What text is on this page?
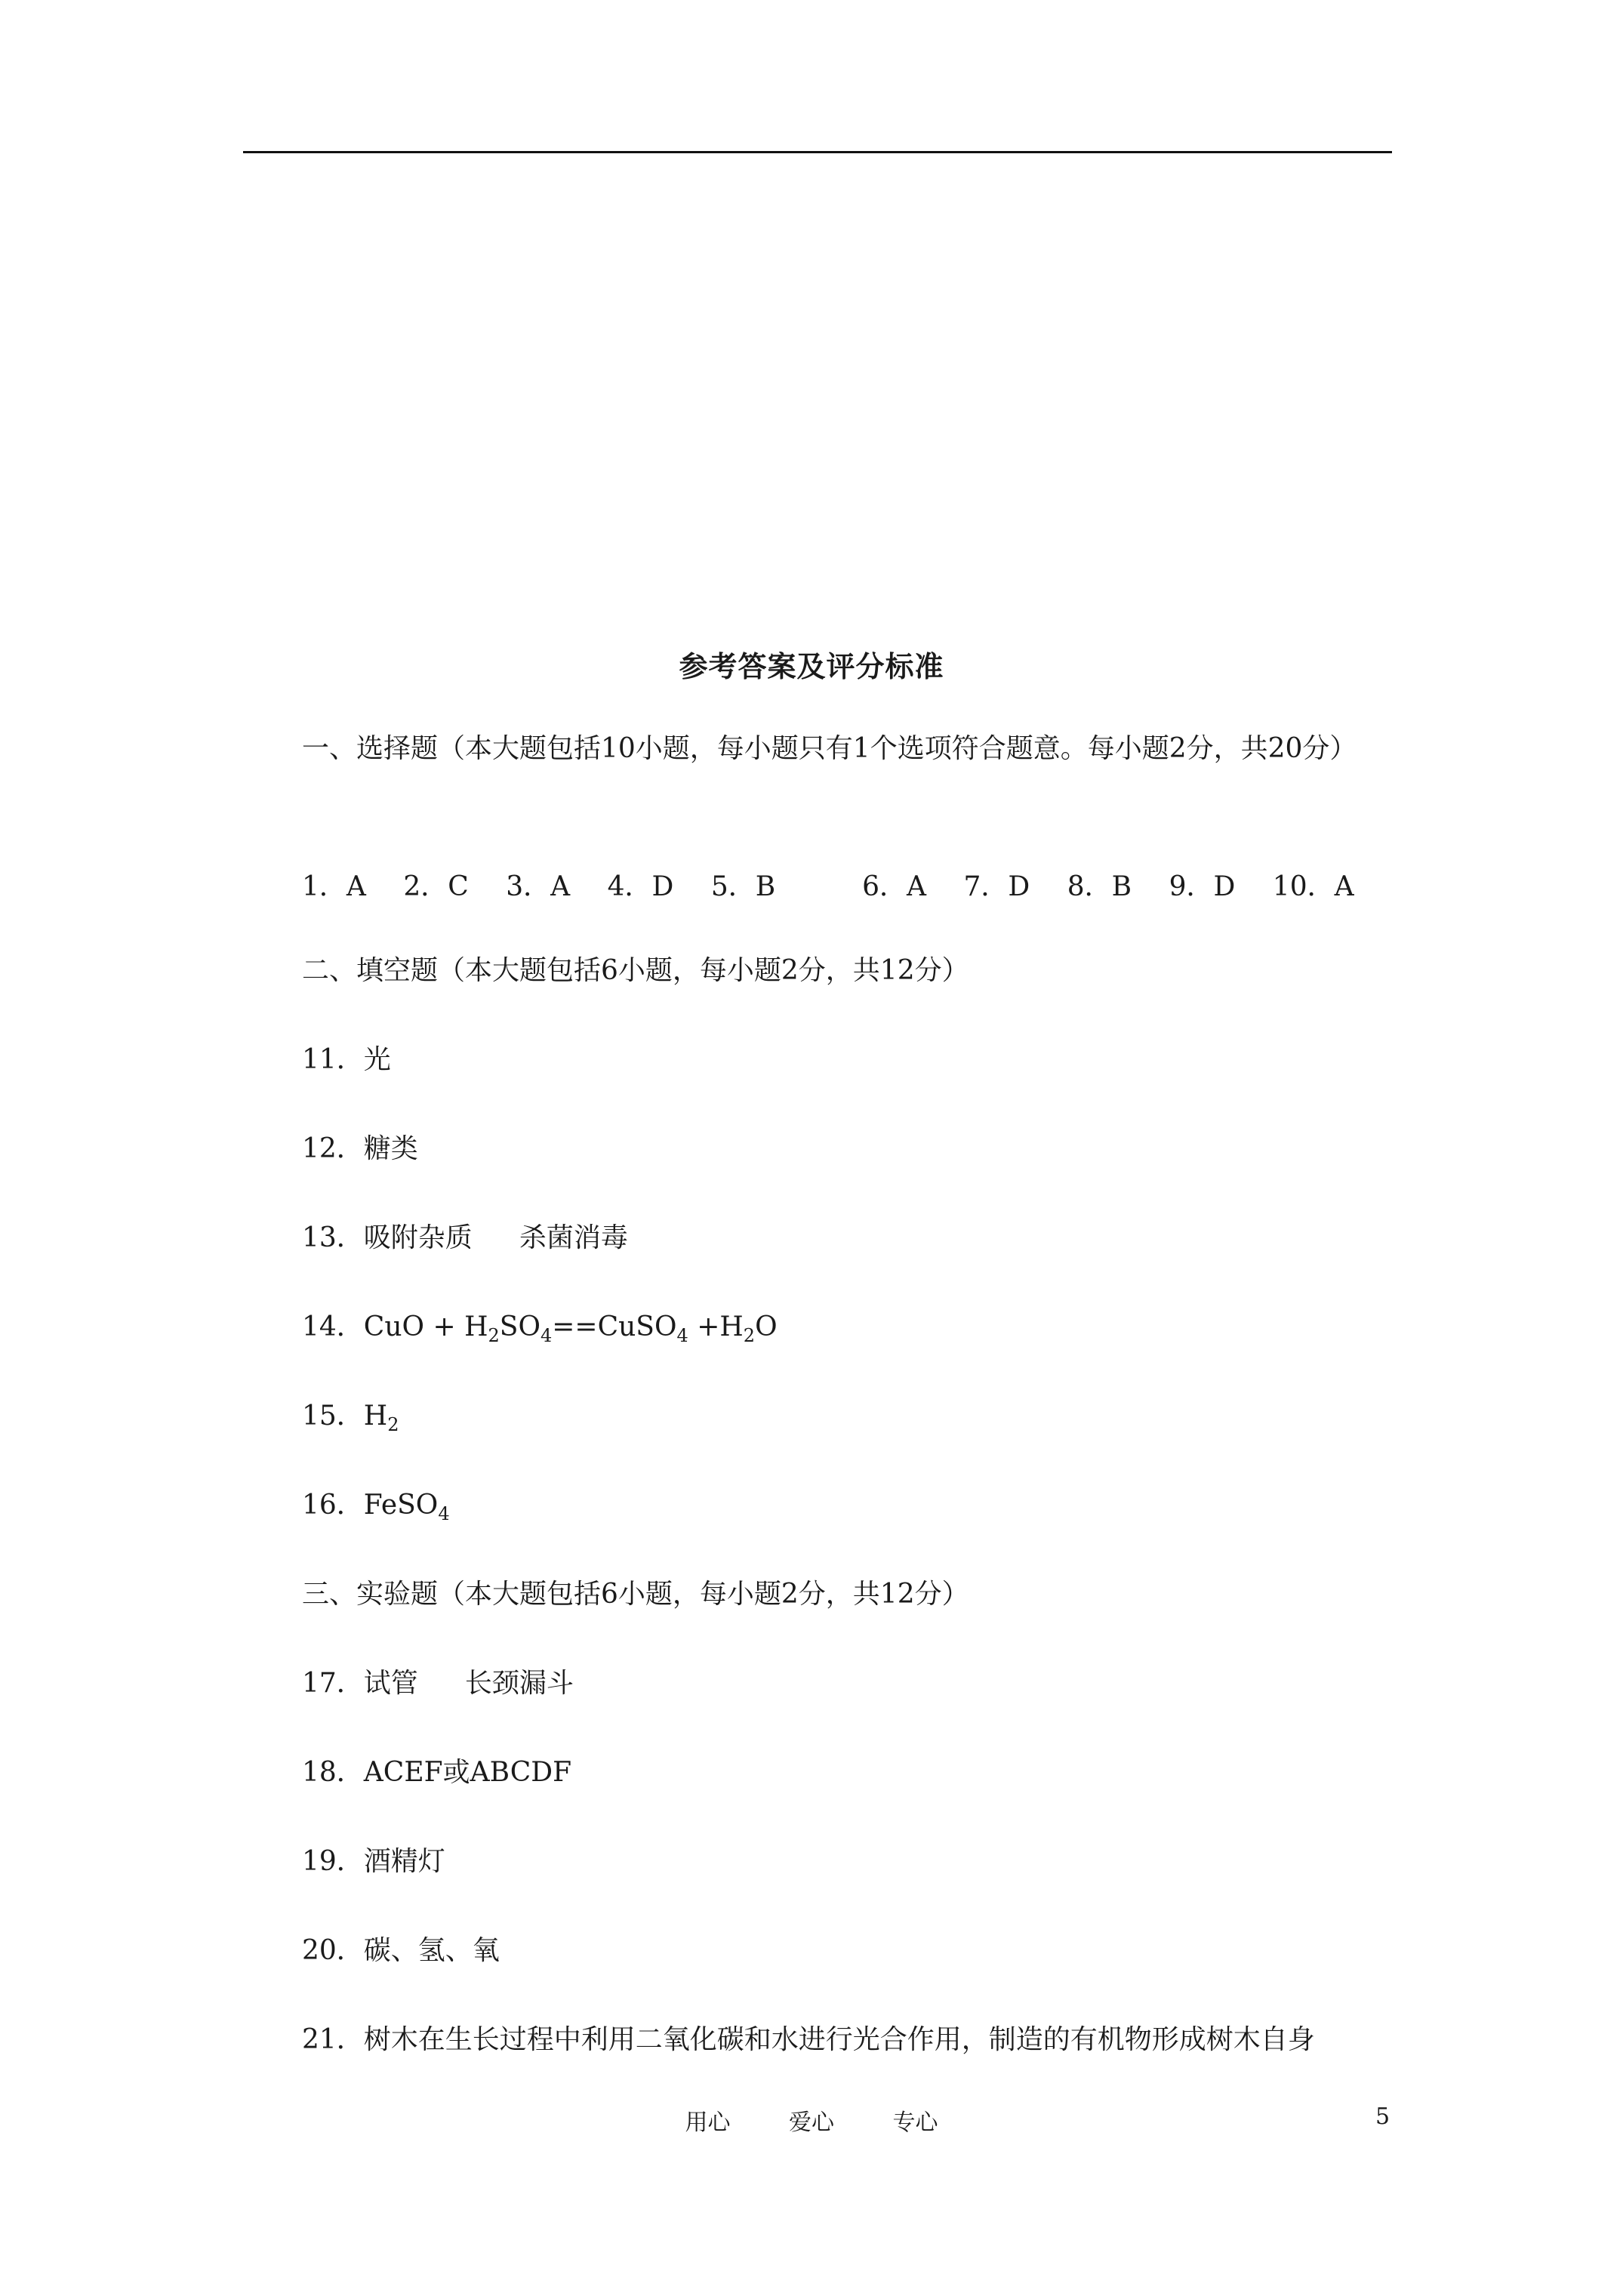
参考答案及评分标准
一、选择题（本大题包括10小题，每小题只有1个选项符合题意。每小题2分，共20分）
1．A 2．C 3．A 4．D 5．B	6．A 7．D 8．B 9．D 10．A
二、填空题（本大题包括6小题，每小题2分，共12分）
11．光
12．糖类
13．吸附杂质 杀菌消毒
14．CuO + $H_2SO_4==CuSO_4 +H_2O$
15．$H_2$
16．FeSO$_4$
三、实验题（本大题包括6小题，每小题2分，共12分）
17．试管 长颈漏斗
18．ACEF或ABCDF
19．酒精灯
20．碳、氢、氧
21．树木在生长过程中利用二氧化碳和水进行光合作用，制造的有机物形成树木自身
用心	爱心	专心	5
